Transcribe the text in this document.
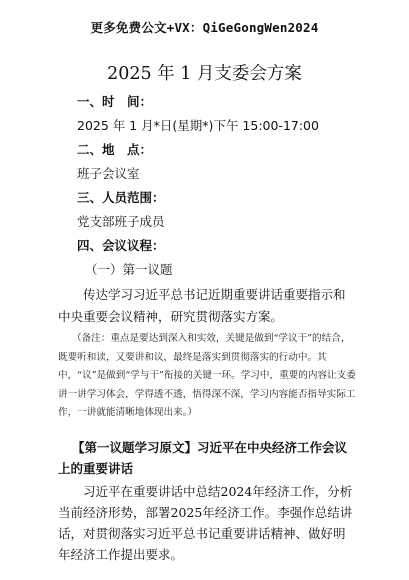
更多免费公文+VX：QiGeGongWen2024
2025 年 1 月支委会方案
一、时　间：
2025 年 1 月*日(星期*)下午 15:00-17:00
二、地　点：
班子会议室
三、人员范围：
党支部班子成员
四、会议议程：
（一）第一议题
传达学习习近平总书记近期重要讲话重要指示和中央重要会议精神，研究贯彻落实方案。
（备注：重点是要达到深入和实效，关键是做到“学议干”的结合，既要听和读，又要讲和议，最终是落实到贯彻落实的行动中。其中，“议”是做到“学与干”衔接的关键一环。学习中，重要的内容让支委讲一讲学习体会，学得透不透，悟得深不深，学习内容能否指导实际工作，一讲就能清晰地体现出来。）
【第一议题学习原文】习近平在中央经济工作会议上的重要讲话
习近平在重要讲话中总结2024年经济工作，分析当前经济形势，部署2025年经济工作。李强作总结讲话，对贯彻落实习近平总书记重要讲话精神、做好明年经济工作提出要求。
